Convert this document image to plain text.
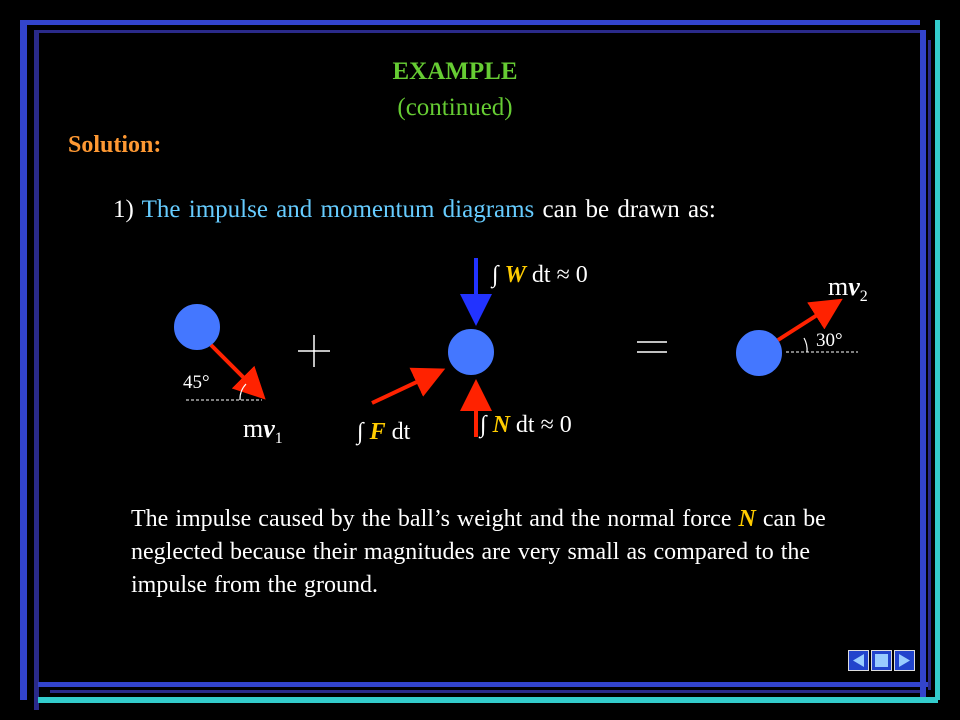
EXAMPLE
(continued)
Solution:
1) The impulse and momentum diagrams can be drawn as:
$mv_1$
45°
∫ W dt ≈ 0
∫ F dt	∫ N dt ≈ 0
$mv_2$
30°
The impulse caused by the ball’s weight and the normal force N can be neglected because their magnitudes are very small as compared to the impulse from the ground.
